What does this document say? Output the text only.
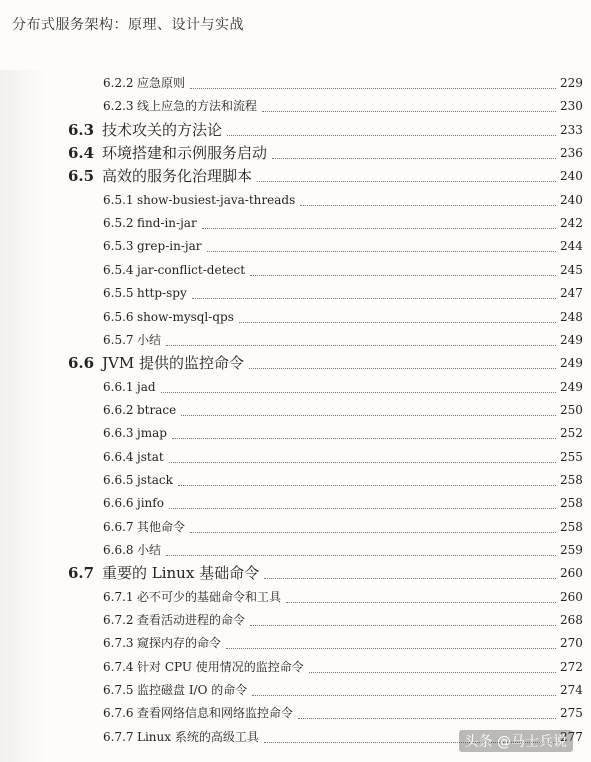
分布式服务架构：原理、设计与实战
6.2.2 应急原则	229
6.2.3 线上应急的方法和流程	230
6.3 技术攻关的方法论	233
6.4 环境搭建和示例服务启动	236
6.5 高效的服务化治理脚本	240
6.5.1 show-busiest-java-threads	240
6.5.2 find-in-jar	242
6.5.3 grep-in-jar	244
6.5.4 jar-conflict-detect	245
6.5.5 http-spy	247
6.5.6 show-mysql-qps	248
6.5.7 小结	249
6.6 JVM 提供的监控命令	249
6.6.1 jad	249
6.6.2 btrace	250
6.6.3 jmap	252
6.6.4 jstat	255
6.6.5 jstack	258
6.6.6 jinfo	258
6.6.7 其他命令	258
6.6.8 小结	259
6.7 重要的 Linux 基础命令	260
6.7.1 必不可少的基础命令和工具	260
6.7.2 查看活动进程的命令	268
6.7.3 窥探内存的命令	270
6.7.4 针对 CPU 使用情况的监控命令	272
6.7.5 监控磁盘 I/O 的命令	274
6.7.6 查看网络信息和网络监控命令	275
6.7.7 Linux 系统的高级工具	277
头条 @马士兵说
